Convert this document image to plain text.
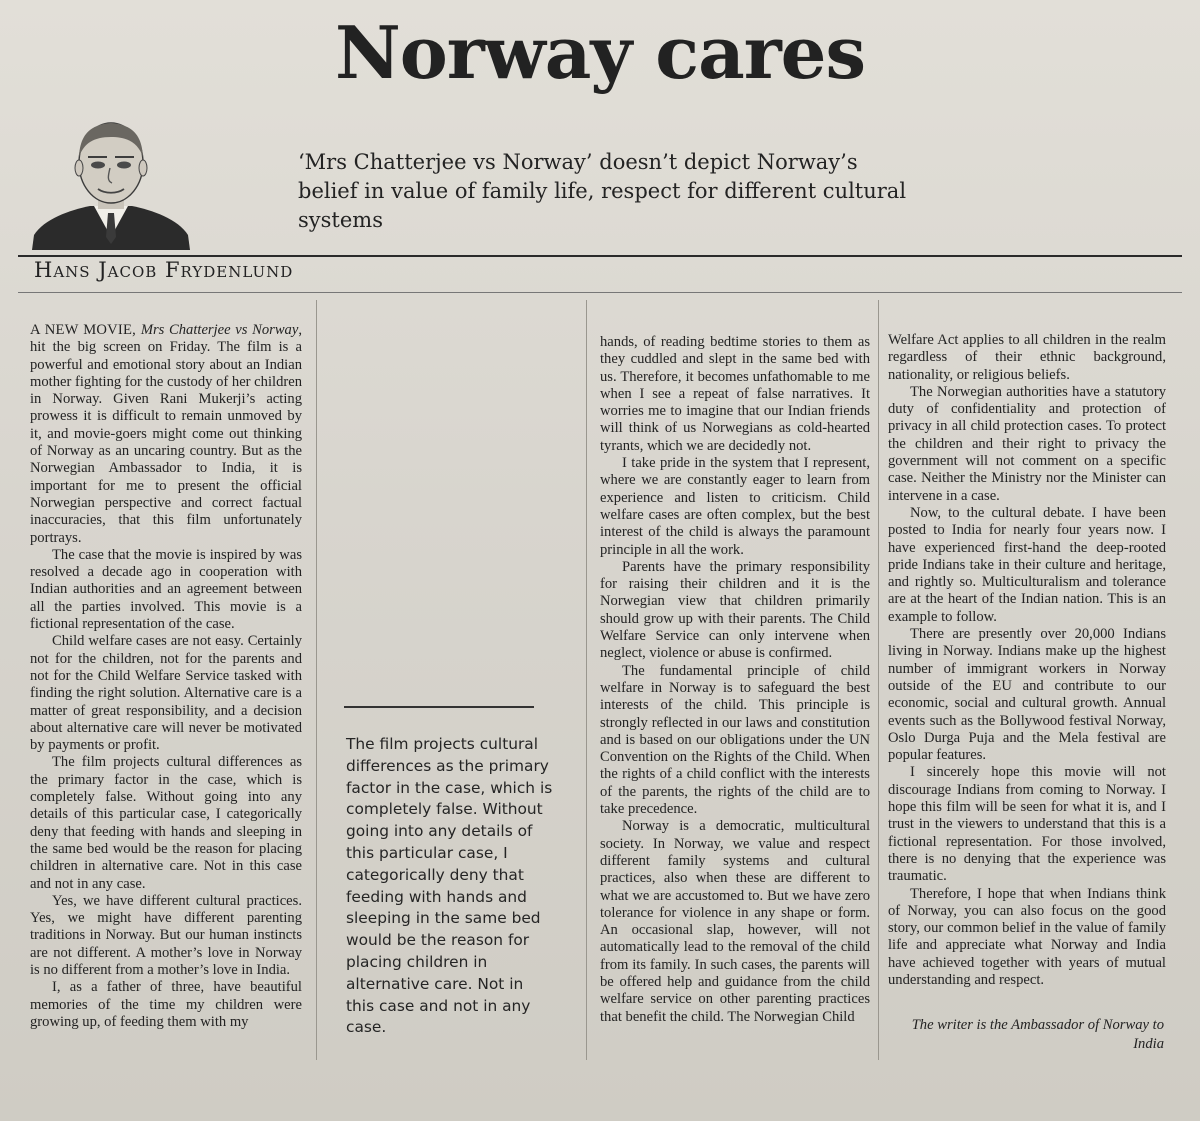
Norway cares

‘Mrs Chatterjee vs Norway’ doesn’t depict Norway’s belief in value of family life, respect for different cultural systems

Hans Jacob Frydenlund

A NEW MOVIE, Mrs Chatterjee vs Norway, hit the big screen on Friday. The film is a powerful and emotional story about an Indian mother fighting for the custody of her children in Norway. Given Rani Mukerji’s acting prowess it is difficult to remain unmoved by it, and movie-goers might come out thinking of Norway as an uncaring country. But as the Norwegian Ambassador to India, it is important for me to present the official Norwegian perspective and correct factual inaccuracies, that this film unfortunately portrays.

The case that the movie is inspired by was resolved a decade ago in cooperation with Indian authorities and an agreement between all the parties involved. This movie is a fictional representation of the case.

Child welfare cases are not easy. Certainly not for the children, not for the parents and not for the Child Welfare Service tasked with finding the right solution. Alternative care is a matter of great responsibility, and a decision about alternative care will never be motivated by payments or profit.

The film projects cultural differences as the primary factor in the case, which is completely false. Without going into any details of this particular case, I categorically deny that feeding with hands and sleeping in the same bed would be the reason for placing children in alternative care. Not in this case and not in any case.

Yes, we have different cultural practices. Yes, we might have different parenting traditions in Norway. But our human instincts are not different. A mother’s love in Norway is no different from a mother’s love in India.

I, as a father of three, have beautiful memories of the time my children were growing up, of feeding them with my

The film projects cultural differences as the primary factor in the case, which is completely false. Without going into any details of this particular case, I categorically deny that feeding with hands and sleeping in the same bed would be the reason for placing children in alternative care. Not in this case and not in any case.

hands, of reading bedtime stories to them as they cuddled and slept in the same bed with us. Therefore, it becomes unfathomable to me when I see a repeat of false narratives. It worries me to imagine that our Indian friends will think of us Norwegians as cold-hearted tyrants, which we are decidedly not.

I take pride in the system that I represent, where we are constantly eager to learn from experience and listen to criticism. Child welfare cases are often complex, but the best interest of the child is always the paramount principle in all the work.

Parents have the primary responsibility for raising their children and it is the Norwegian view that children primarily should grow up with their parents. The Child Welfare Service can only intervene when neglect, violence or abuse is confirmed.

The fundamental principle of child welfare in Norway is to safeguard the best interests of the child. This principle is strongly reflected in our laws and constitution and is based on our obligations under the UN Convention on the Rights of the Child. When the rights of a child conflict with the interests of the parents, the rights of the child are to take precedence.

Norway is a democratic, multicultural society. In Norway, we value and respect different family systems and cultural practices, also when these are different to what we are accustomed to. But we have zero tolerance for violence in any shape or form. An occasional slap, however, will not automatically lead to the removal of the child from its family. In such cases, the parents will be offered help and guidance from the child welfare service on other parenting practices that benefit the child. The Norwegian Child

Welfare Act applies to all children in the realm regardless of their ethnic background, nationality, or religious beliefs.

The Norwegian authorities have a statutory duty of confidentiality and protection of privacy in all child protection cases. To protect the children and their right to privacy the government will not comment on a specific case. Neither the Ministry nor the Minister can intervene in a case.

Now, to the cultural debate. I have been posted to India for nearly four years now. I have experienced first-hand the deep-rooted pride Indians take in their culture and heritage, and rightly so. Multiculturalism and tolerance are at the heart of the Indian nation. This is an example to follow.

There are presently over 20,000 Indians living in Norway. Indians make up the highest number of immigrant workers in Norway outside of the EU and contribute to our economic, social and cultural growth. Annual events such as the Bollywood festival Norway, Oslo Durga Puja and the Mela festival are popular features.

I sincerely hope this movie will not discourage Indians from coming to Norway. I hope this film will be seen for what it is, and I trust in the viewers to understand that this is a fictional representation. For those involved, there is no denying that the experience was traumatic.

Therefore, I hope that when Indians think of Norway, you can also focus on the good story, our common belief in the value of family life and appreciate what Norway and India have achieved together with years of mutual understanding and respect.

The writer is the Ambassador of Norway to India
